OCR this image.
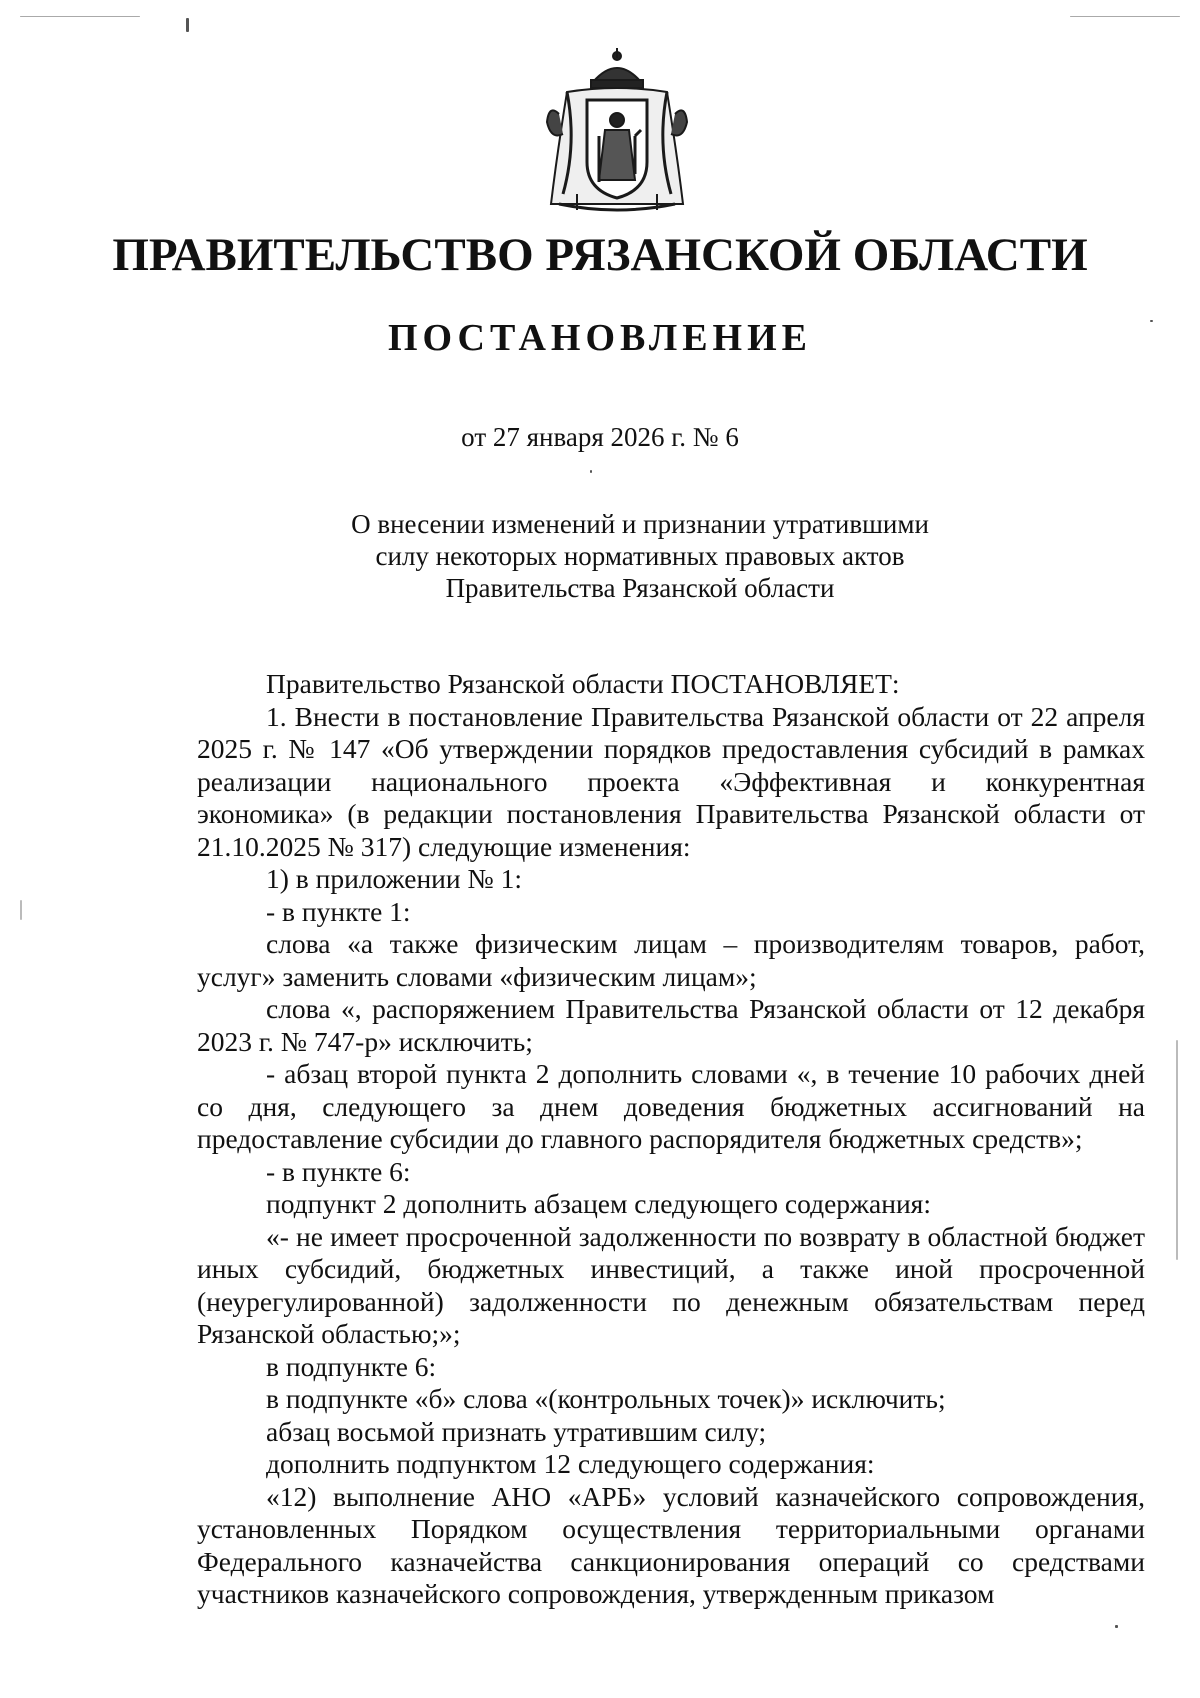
ПРАВИТЕЛЬСТВО РЯЗАНСКОЙ ОБЛАСТИ
ПОСТАНОВЛЕНИЕ
от 27 января 2026 г. № 6
О внесении изменений и признании утратившими
силу некоторых нормативных правовых актов
Правительства Рязанской области

Правительство Рязанской области ПОСТАНОВЛЯЕТ:

1. Внести в постановление Правительства Рязанской области от 22 апреля

2025 г. № 147 «Об утверждении порядков предоставления субсидий в рамках

реализации национального проекта «Эффективная и конкурентная

экономика» (в редакции постановления Правительства Рязанской области от

21.10.2025 № 317) следующие изменения:

1) в приложении № 1:

- в пункте 1:

слова «а также физическим лицам – производителям товаров, работ, услуг» заменить словами «физическим лицам»;

слова «, распоряжением Правительства Рязанской области от 12 декабря 2023 г. № 747-р» исключить;

- абзац второй пункта 2 дополнить словами «, в течение 10 рабочих дней со дня, следующего за днем доведения бюджетных ассигнований на предоставление субсидии до главного распорядителя бюджетных средств»;

- в пункте 6:

подпункт 2 дополнить абзацем следующего содержания:

«- не имеет просроченной задолженности по возврату в областной бюджет иных субсидий, бюджетных инвестиций, а также иной просроченной (неурегулированной) задолженности по денежным обязательствам перед Рязанской областью;»;

в подпункте 6:

в подпункте «б» слова «(контрольных точек)» исключить;

абзац восьмой признать утратившим силу;

дополнить подпунктом 12 следующего содержания:

«12) выполнение АНО «АРБ» условий казначейского сопровождения, установленных Порядком осуществления территориальными органами Федерального казначейства санкционирования операций со средствами участников казначейского сопровождения, утвержденным приказом
